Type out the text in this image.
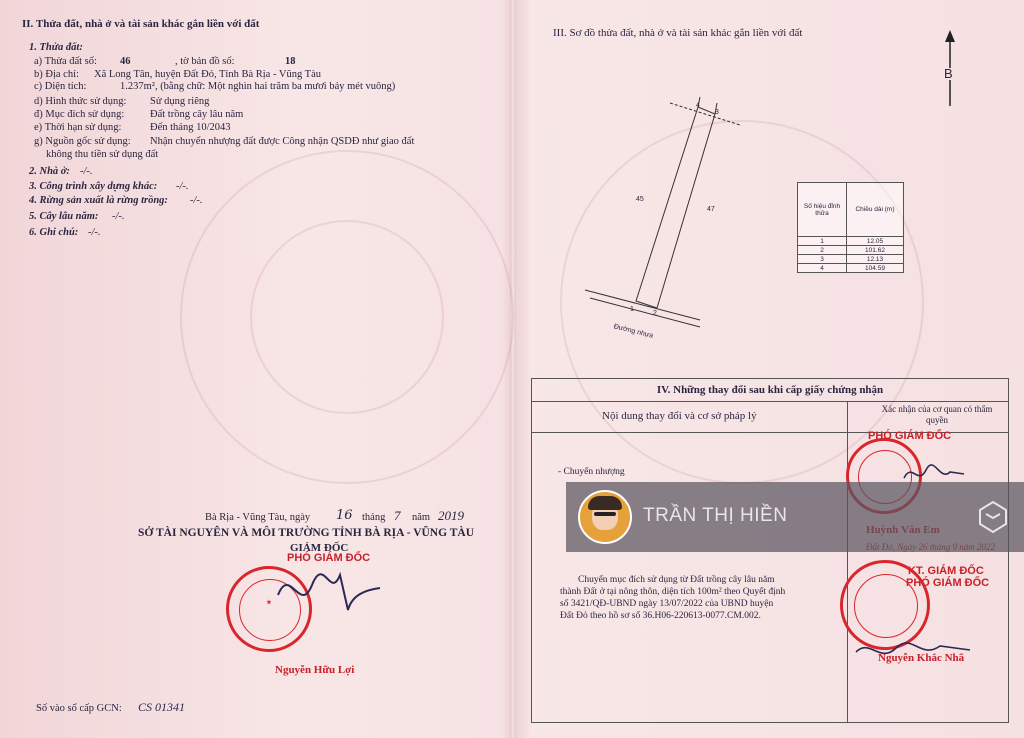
II. Thửa đất, nhà ở và tài sản khác gắn liền với đất
1. Thửa đất:
a) Thửa đất số: 46	, tờ bản đồ số:	18
b) Địa chỉ: Xã Long Tân, huyện Đất Đỏ, Tỉnh Bà Rịa - Vũng Tàu
c) Diện tích:	1.237m², (bằng chữ: Một nghìn hai trăm ba mươi bảy mét vuông)
d) Hình thức sử dụng: Sử dụng riêng
đ) Mục đích sử dụng: Đất trồng cây lâu năm
e) Thời hạn sử dụng:	Đến tháng 10/2043
g) Nguồn gốc sử dụng: Nhận chuyển nhượng đất được Công nhận QSDĐ như giao đất
không thu tiền sử dụng đất
2. Nhà ở: -/-.
3. Công trình xây dựng khác: -/-.
4. Rừng sản xuất là rừng trồng: -/-.
5. Cây lâu năm: -/-.
6. Ghi chú: -/-.
Bà Rịa - Vũng Tàu, ngày 16 tháng 7 năm 2019
SỞ TÀI NGUYÊN VÀ MÔI TRƯỜNG TỈNH BÀ RỊA - VŨNG TÀU
GIÁM ĐỐC
PHÓ GIÁM ĐỐC
★
Nguyễn Hữu Lợi
Số vào sổ cấp GCN: CS 01341
III. Sơ đồ thửa đất, nhà ở và tài sản khác gắn liền với đất
B
4
3
1
2
45
47
Đường nhựa
Số hiệu đỉnh thửa	Chiều dài (m)
1	12.05
2	101.62
3	12.13
4	104.59
IV. Những thay đổi sau khi cấp giấy chứng nhận
Nội dung thay đổi và cơ sở pháp lý
Xác nhận của cơ quan có thẩm quyền
- Chuyển nhượng
PHÓ GIÁM ĐỐC
Chuyển mục đích sử dụng từ Đất trồng cây lâu năm
thành Đất ở tại nông thôn, diện tích 100m² theo Quyết định
số 3421/QĐ-UBND ngày 13/07/2022 của UBND huyện
Đất Đỏ theo hồ sơ số 36.H06-220613-0077.CM.002.
KT. GIÁM ĐỐC
PHÓ GIÁM ĐỐC
Nguyễn Khắc Nhã
TRẦN THỊ HIỀN
